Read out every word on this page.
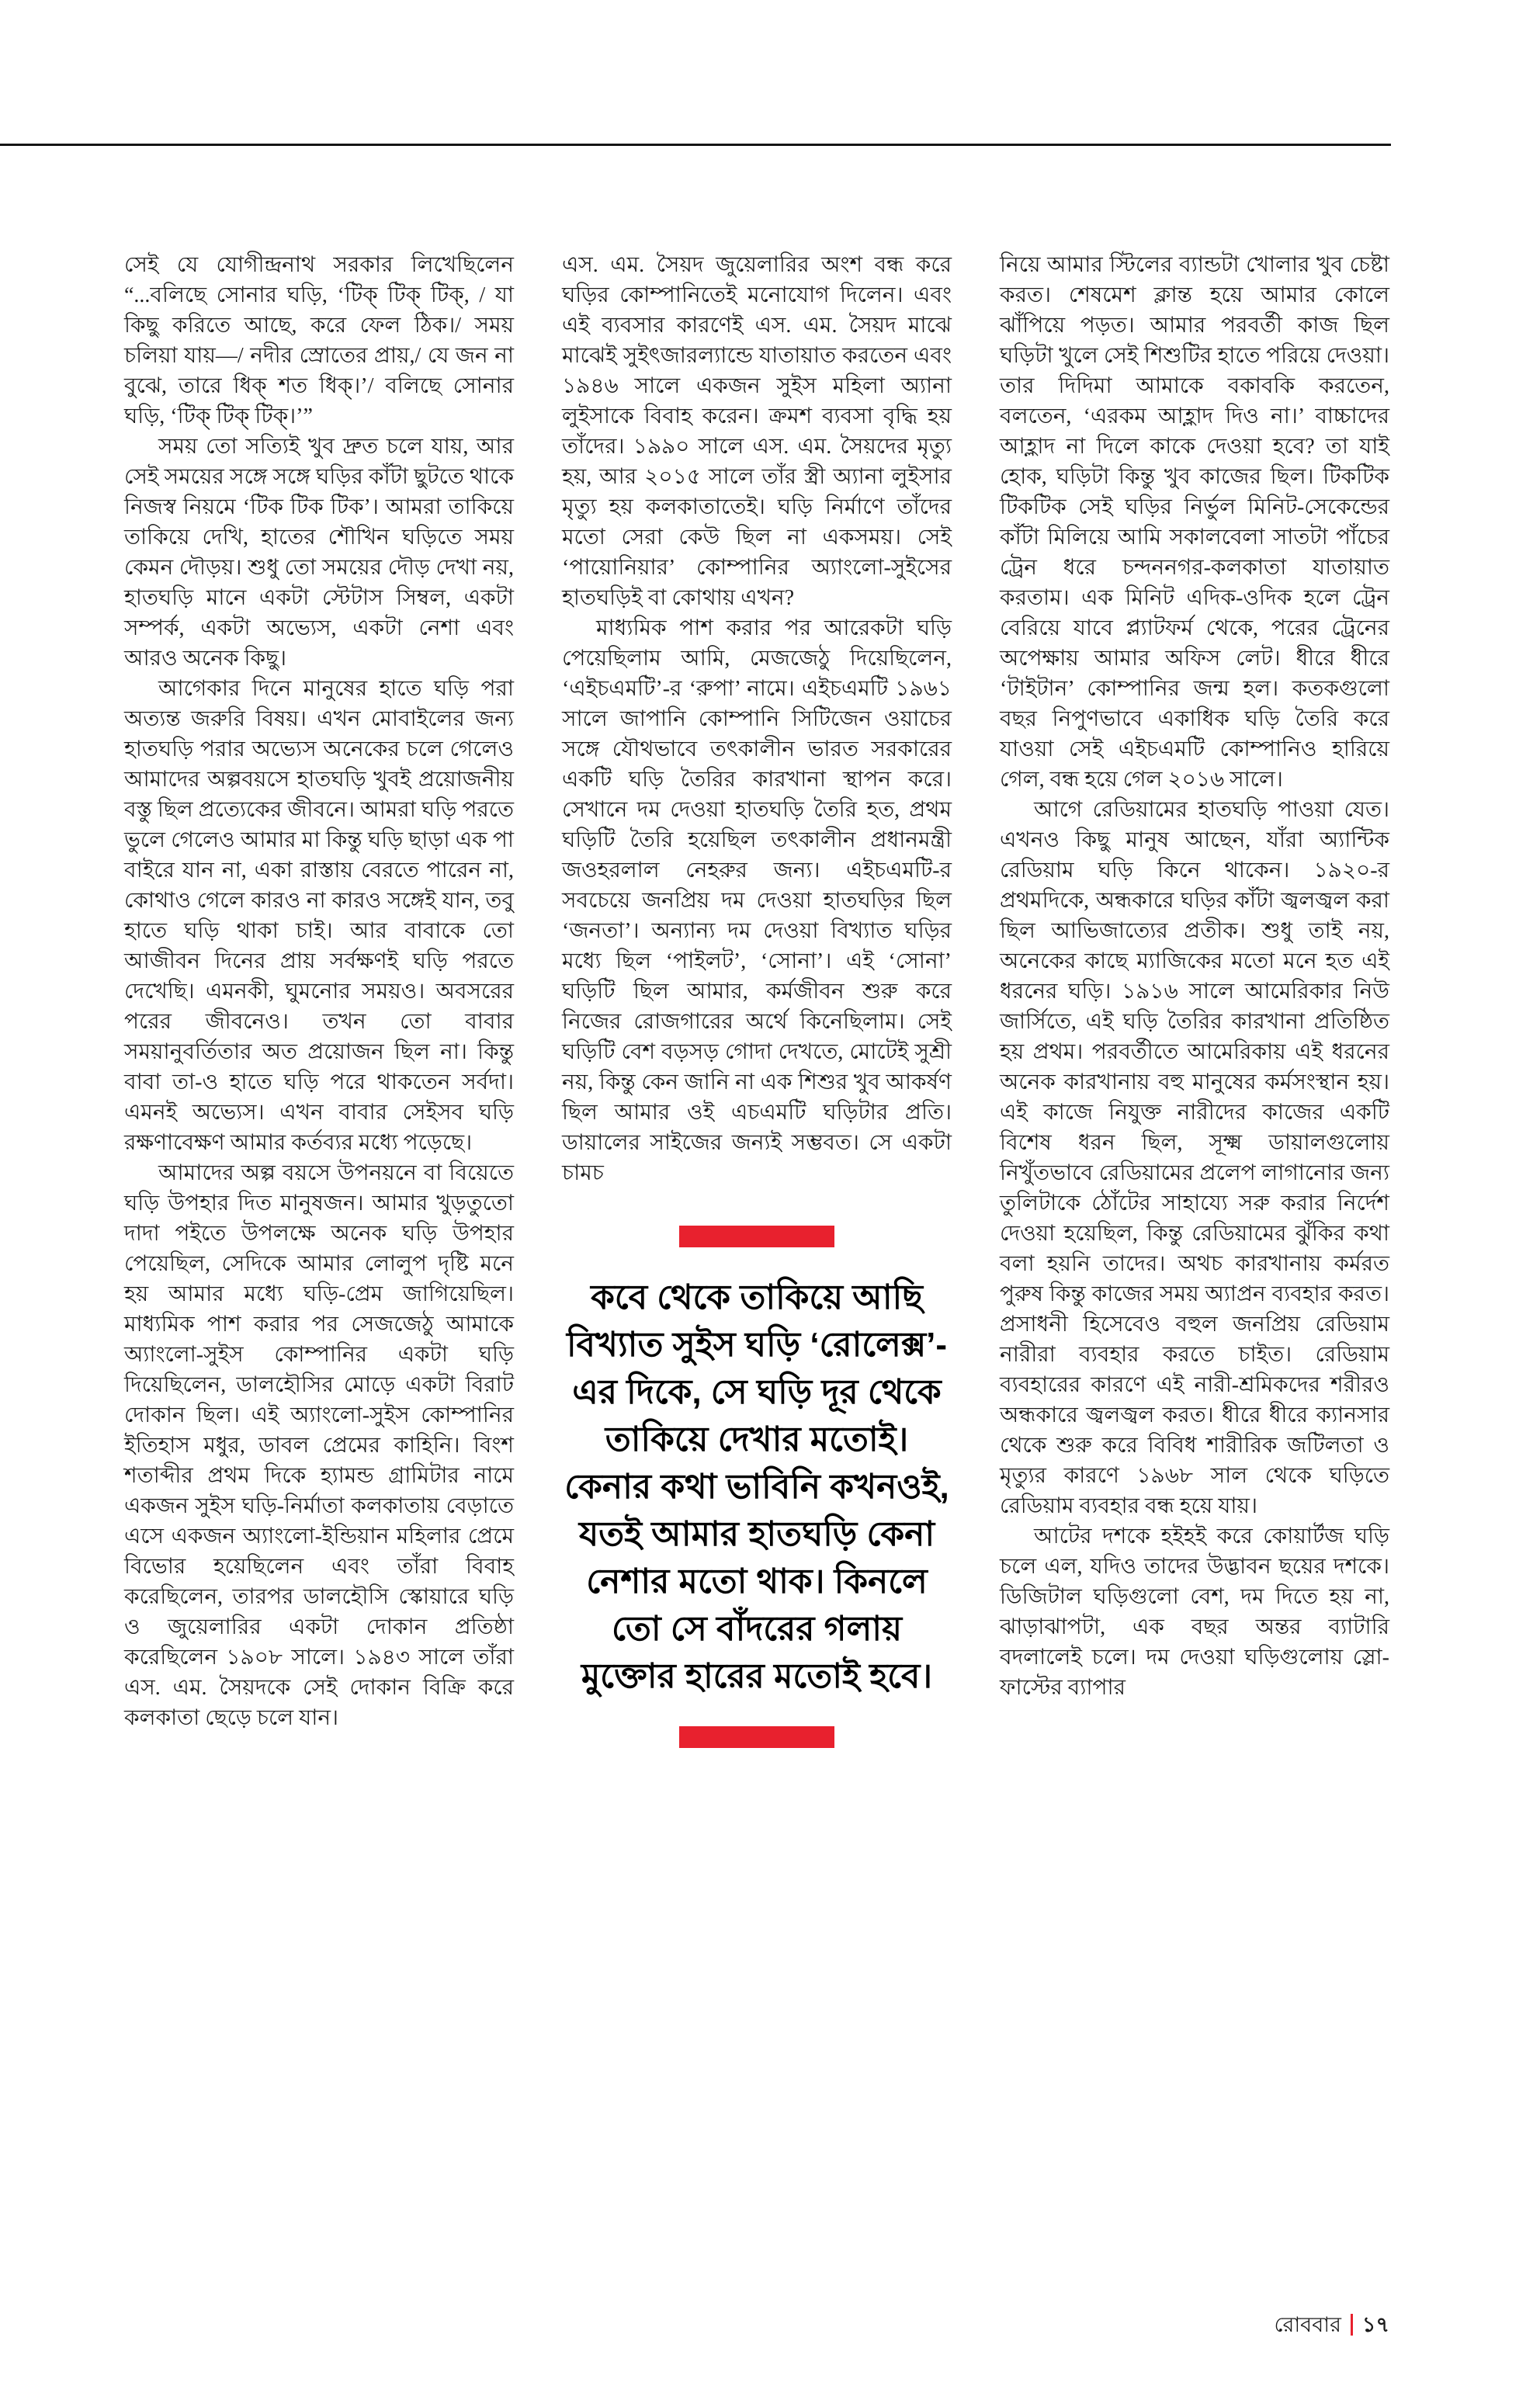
সেই যে যোগীন্দ্রনাথ সরকার লিখেছিলেন “...বলিছে সোনার ঘড়ি, ‘টিক্‌ টিক্‌ টিক্‌, / যা কিছু করিতে আছে, করে ফেল ঠিক।/ সময় চলিয়া যায়—/ নদীর স্রোতের প্রায়,/ যে জন না বুঝে, তারে ধিক্‌ শত ধিক্‌।’/ বলিছে সোনার ঘড়ি, ‘টিক্‌ টিক্‌ টিক্‌।’”

সময় তো সত্যিই খুব দ্রুত চলে যায়, আর সেই সময়ের সঙ্গে সঙ্গে ঘড়ির কাঁটা ছুটতে থাকে নিজস্ব নিয়মে ‘টিক টিক টিক’। আমরা তাকিয়ে তাকিয়ে দেখি, হাতের শৌখিন ঘড়িতে সময় কেমন দৌড়য়। শুধু তো সময়ের দৌড় দেখা নয়, হাতঘড়ি মানে একটা স্টেটাস সিম্বল, একটা সম্পর্ক, একটা অভ্যেস, একটা নেশা এবং আরও অনেক কিছু।

আগেকার দিনে মানুষের হাতে ঘড়ি পরা অত্যন্ত জরুরি বিষয়। এখন মোবাইলের জন্য হাতঘড়ি পরার অভ্যেস অনেকের চলে গেলেও আমাদের অল্পবয়সে হাতঘড়ি খুবই প্রয়োজনীয় বস্তু ছিল প্রত্যেকের জীবনে। আমরা ঘড়ি পরতে ভুলে গেলেও আমার মা কিন্তু ঘড়ি ছাড়া এক পা বাইরে যান না, একা রাস্তায় বেরতে পারেন না, কোথাও গেলে কারও না কারও সঙ্গেই যান, তবু হাতে ঘড়ি থাকা চাই। আর বাবাকে তো আজীবন দিনের প্রায় সর্বক্ষণই ঘড়ি পরতে দেখেছি। এমনকী, ঘুমনোর সময়ও। অবসরের পরের জীবনেও। তখন তো বাবার সময়ানুবর্তিতার অত প্রয়োজন ছিল না। কিন্তু বাবা তা-ও হাতে ঘড়ি পরে থাকতেন সর্বদা। এমনই অভ্যেস। এখন বাবার সেইসব ঘড়ি রক্ষণাবেক্ষণ আমার কর্তব্যর মধ্যে পড়েছে।

আমাদের অল্প বয়সে উপনয়নে বা বিয়েতে ঘড়ি উপহার দিত মানুষজন। আমার খুড়তুতো দাদা পইতে উপলক্ষে অনেক ঘড়ি উপহার পেয়েছিল, সেদিকে আমার লোলুপ দৃষ্টি মনে হয় আমার মধ্যে ঘড়ি-প্রেম জাগিয়েছিল। মাধ্যমিক পাশ করার পর সেজজেঠু আমাকে অ্যাংলো-সুইস কোম্পানির একটা ঘড়ি দিয়েছিলেন, ডালহৌসির মোড়ে একটা বিরাট দোকান ছিল। এই অ্যাংলো-সুইস কোম্পানির ইতিহাস মধুর, ডাবল প্রেমের কাহিনি। বিংশ শতাব্দীর প্রথম দিকে হ্যামন্ড গ্রামিটার নামে একজন সুইস ঘড়ি-নির্মাতা কলকাতায় বেড়াতে এসে একজন অ্যাংলো-ইন্ডিয়ান মহিলার প্রেমে বিভোর হয়েছিলেন এবং তাঁরা বিবাহ করেছিলেন, তারপর ডালহৌসি স্কোয়ারে ঘড়ি ও জুয়েলারির একটা দোকান প্রতিষ্ঠা করেছিলেন ১৯০৮ সালে। ১৯৪৩ সালে তাঁরা এস. এম. সৈয়দকে সেই দোকান বিক্রি করে কলকাতা ছেড়ে চলে যান।

এস. এম. সৈয়দ জুয়েলারির অংশ বন্ধ করে ঘড়ির কোম্পানিতেই মনোযোগ দিলেন। এবং এই ব্যবসার কারণেই এস. এম. সৈয়দ মাঝে মাঝেই সুইৎজারল্যান্ডে যাতায়াত করতেন এবং ১৯৪৬ সালে একজন সুইস মহিলা অ্যানা লুইসাকে বিবাহ করেন। ক্রমশ ব্যবসা বৃদ্ধি হয় তাঁদের। ১৯৯০ সালে এস. এম. সৈয়দের মৃত্যু হয়, আর ২০১৫ সালে তাঁর স্ত্রী অ্যানা লুইসার মৃত্যু হয় কলকাতাতেই। ঘড়ি নির্মাণে তাঁদের মতো সেরা কেউ ছিল না একসময়। সেই ‘পায়োনিয়ার’ কোম্পানির অ্যাংলো-সুইসের হাতঘড়িই বা কোথায় এখন?

মাধ্যমিক পাশ করার পর আরেকটা ঘড়ি পেয়েছিলাম আমি, মেজজেঠু দিয়েছিলেন, ‘এইচএমটি’-র ‘রুপা’ নামে। এইচএমটি ১৯৬১ সালে জাপানি কোম্পানি সিটিজেন ওয়াচের সঙ্গে যৌথভাবে তৎকালীন ভারত সরকারের একটি ঘড়ি তৈরির কারখানা স্থাপন করে। সেখানে দম দেওয়া হাতঘড়ি তৈরি হত, প্রথম ঘড়িটি তৈরি হয়েছিল তৎকালীন প্রধানমন্ত্রী জওহরলাল নেহরুর জন্য। এইচএমটি-র সবচেয়ে জনপ্রিয় দম দেওয়া হাতঘড়ির ছিল ‘জনতা’। অন্যান্য দম দেওয়া বিখ্যাত ঘড়ির মধ্যে ছিল ‘পাইলট’, ‘সোনা’। এই ‘সোনা’ ঘড়িটি ছিল আমার, কর্মজীবন শুরু করে নিজের রোজগারের অর্থে কিনেছিলাম। সেই ঘড়িটি বেশ বড়সড় গোদা দেখতে, মোটেই সুশ্রী নয়, কিন্তু কেন জানি না এক শিশুর খুব আকর্ষণ ছিল আমার ওই এচএমটি ঘড়িটার প্রতি। ডায়ালের সাইজের জন্যই সম্ভবত। সে একটা চামচ

কবে থেকে তাকিয়ে আছি বিখ্যাত সুইস ঘড়ি ‘রোলেক্স’-এর দিকে, সে ঘড়ি দূর থেকে তাকিয়ে দেখার মতোই। কেনার কথা ভাবিনি কখনওই, যতই আমার হাতঘড়ি কেনা নেশার মতো থাক। কিনলে তো সে বাঁদরের গলায় মুক্তোর হারের মতোই হবে।

নিয়ে আমার স্টিলের ব্যান্ডটা খোলার খুব চেষ্টা করত। শেষমেশ ক্লান্ত হয়ে আমার কোলে ঝাঁপিয়ে পড়ত। আমার পরবর্তী কাজ ছিল ঘড়িটা খুলে সেই শিশুটির হাতে পরিয়ে দেওয়া। তার দিদিমা আমাকে বকাবকি করতেন, বলতেন, ‘এরকম আহ্লাদ দিও না।’ বাচ্চাদের আহ্লাদ না দিলে কাকে দেওয়া হবে? তা যাই হোক, ঘড়িটা কিন্তু খুব কাজের ছিল। টিকটিক টিকটিক সেই ঘড়ির নির্ভুল মিনিট-সেকেন্ডের কাঁটা মিলিয়ে আমি সকালবেলা সাতটা পাঁচের ট্রেন ধরে চন্দননগর-কলকাতা যাতায়াত করতাম। এক মিনিট এদিক-ওদিক হলে ট্রেন বেরিয়ে যাবে প্ল্যাটফর্ম থেকে, পরের ট্রেনের অপেক্ষায় আমার অফিস লেট। ধীরে ধীরে ‘টাইটান’ কোম্পানির জন্ম হল। কতকগুলো বছর নিপুণভাবে একাধিক ঘড়ি তৈরি করে যাওয়া সেই এইচএমটি কোম্পানিও হারিয়ে গেল, বন্ধ হয়ে গেল ২০১৬ সালে।

আগে রেডিয়ামের হাতঘড়ি পাওয়া যেত। এখনও কিছু মানুষ আছেন, যাঁরা অ্যান্টিক রেডিয়াম ঘড়ি কিনে থাকেন। ১৯২০-র প্রথমদিকে, অন্ধকারে ঘড়ির কাঁটা জ্বলজ্বল করা ছিল আভিজাত্যের প্রতীক। শুধু তাই নয়, অনেকের কাছে ম্যাজিকের মতো মনে হত এই ধরনের ঘড়ি। ১৯১৬ সালে আমেরিকার নিউ জার্সিতে, এই ঘড়ি তৈরির কারখানা প্রতিষ্ঠিত হয় প্রথম। পরবর্তীতে আমেরিকায় এই ধরনের অনেক কারখানায় বহু মানুষের কর্মসংস্থান হয়। এই কাজে নিযুক্ত নারীদের কাজের একটি বিশেষ ধরন ছিল, সূক্ষ্ম ডায়ালগুলোয় নিখুঁতভাবে রেডিয়ামের প্রলেপ লাগানোর জন্য তুলিটাকে ঠোঁটের সাহায্যে সরু করার নির্দেশ দেওয়া হয়েছিল, কিন্তু রেডিয়ামের ঝুঁকির কথা বলা হয়নি তাদের। অথচ কারখানায় কর্মরত পুরুষ কিন্তু কাজের সময় অ্যাপ্রন ব্যবহার করত। প্রসাধনী হিসেবেও বহুল জনপ্রিয় রেডিয়াম নারীরা ব্যবহার করতে চাইত। রেডিয়াম ব্যবহারের কারণে এই নারী-শ্রমিকদের শরীরও অন্ধকারে জ্বলজ্বল করত। ধীরে ধীরে ক্যানসার থেকে শুরু করে বিবিধ শারীরিক জটিলতা ও মৃত্যুর কারণে ১৯৬৮ সাল থেকে ঘড়িতে রেডিয়াম ব্যবহার বন্ধ হয়ে যায়।

আটের দশকে হইহই করে কোয়ার্টজ ঘড়ি চলে এল, যদিও তাদের উদ্ভাবন ছয়ের দশকে। ডিজিটাল ঘড়িগুলো বেশ, দম দিতে হয় না, ঝাড়াঝাপটা, এক বছর অন্তর ব্যাটারি বদলালেই চলে। দম দেওয়া ঘড়িগুলোয় স্লো-ফাস্টের ব্যাপার

রোববার ১৭
